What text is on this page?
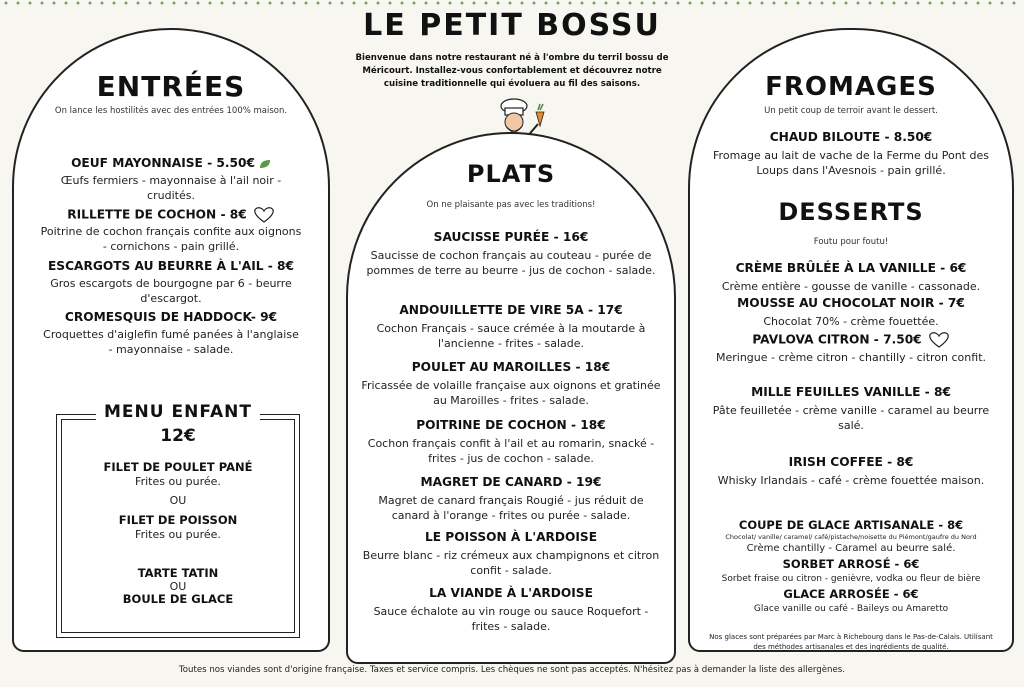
LE PETIT BOSSU
Bienvenue dans notre restaurant né à l'ombre du terril bossu de Méricourt. Installez-vous confortablement et découvrez notre cuisine traditionnelle qui évoluera au fil des saisons.
ENTRÉES
On lance les hostilités avec des entrées 100% maison.
OEUF MAYONNAISE - 5.50€
Œufs fermiers - mayonnaise à l'ail noir - crudités.
RILLETTE DE COCHON - 8€
Poitrine de cochon français confite aux oignons - cornichons - pain grillé.
ESCARGOTS AU BEURRE À L'AIL - 8€
Gros escargots de bourgogne par 6 - beurre d'escargot.
CROMESQUIS DE HADDOCK- 9€
Croquettes d'aiglefin fumé panées à l'anglaise - mayonnaise - salade.
MENU ENFANT
12€
FILET DE POULET PANÉ
Frites ou purée.
OU
FILET DE POISSON
Frites ou purée.
TARTE TATIN
OU
BOULE DE GLACE
PLATS
On ne plaisante pas avec les traditions!
SAUCISSE PURÉE - 16€
Saucisse de cochon français au couteau - purée de pommes de terre au beurre - jus de cochon - salade.
ANDOUILLETTE DE VIRE 5A - 17€
Cochon Français - sauce crémée à la moutarde à l'ancienne - frites - salade.
POULET AU MAROILLES - 18€
Fricassée de volaille française aux oignons et gratinée au Maroilles - frites - salade.
POITRINE DE COCHON - 18€
Cochon français confit à l'ail et au romarin, snacké - frites - jus de cochon - salade.
MAGRET DE CANARD - 19€
Magret de canard français Rougié - jus réduit de canard à l'orange - frites ou purée - salade.
LE POISSON À L'ARDOISE
Beurre blanc - riz crémeux aux champignons et citron confit - salade.
LA VIANDE À L'ARDOISE
Sauce échalote au vin rouge ou sauce Roquefort - frites - salade.
FROMAGES
Un petit coup de terroir avant le dessert.
CHAUD BILOUTE - 8.50€
Fromage au lait de vache de la Ferme du Pont des Loups dans l'Avesnois - pain grillé.
DESSERTS
Foutu pour foutu!
CRÈME BRÛLÉE À LA VANILLE - 6€
Crème entière - gousse de vanille - cassonade.
MOUSSE AU CHOCOLAT NOIR - 7€
Chocolat 70% - crème fouettée.
PAVLOVA CITRON - 7.50€
Meringue - crème citron - chantilly - citron confit.
MILLE FEUILLES VANILLE - 8€
Pâte feuilletée - crème vanille - caramel au beurre salé.
IRISH COFFEE - 8€
Whisky Irlandais - café - crème fouettée maison.
COUPE DE GLACE ARTISANALE - 8€
Chocolat/ vanille/ caramel/ café/pistache/noisette du Piémont/gaufre du Nord
Crème chantilly - Caramel au beurre salé.
SORBET ARROSÉ - 6€
Sorbet fraise ou citron - genièvre, vodka ou fleur de bière
GLACE ARROSÉE - 6€
Glace vanille ou café - Baileys ou Amaretto
Nos glaces sont préparées par Marc à Richebourg dans le Pas-de-Calais. Utilisant des méthodes artisanales et des ingrédients de qualité.
Toutes nos viandes sont d'origine française. Taxes et service compris. Les chèques ne sont pas acceptés. N'hésitez pas à demander la liste des allergènes.
